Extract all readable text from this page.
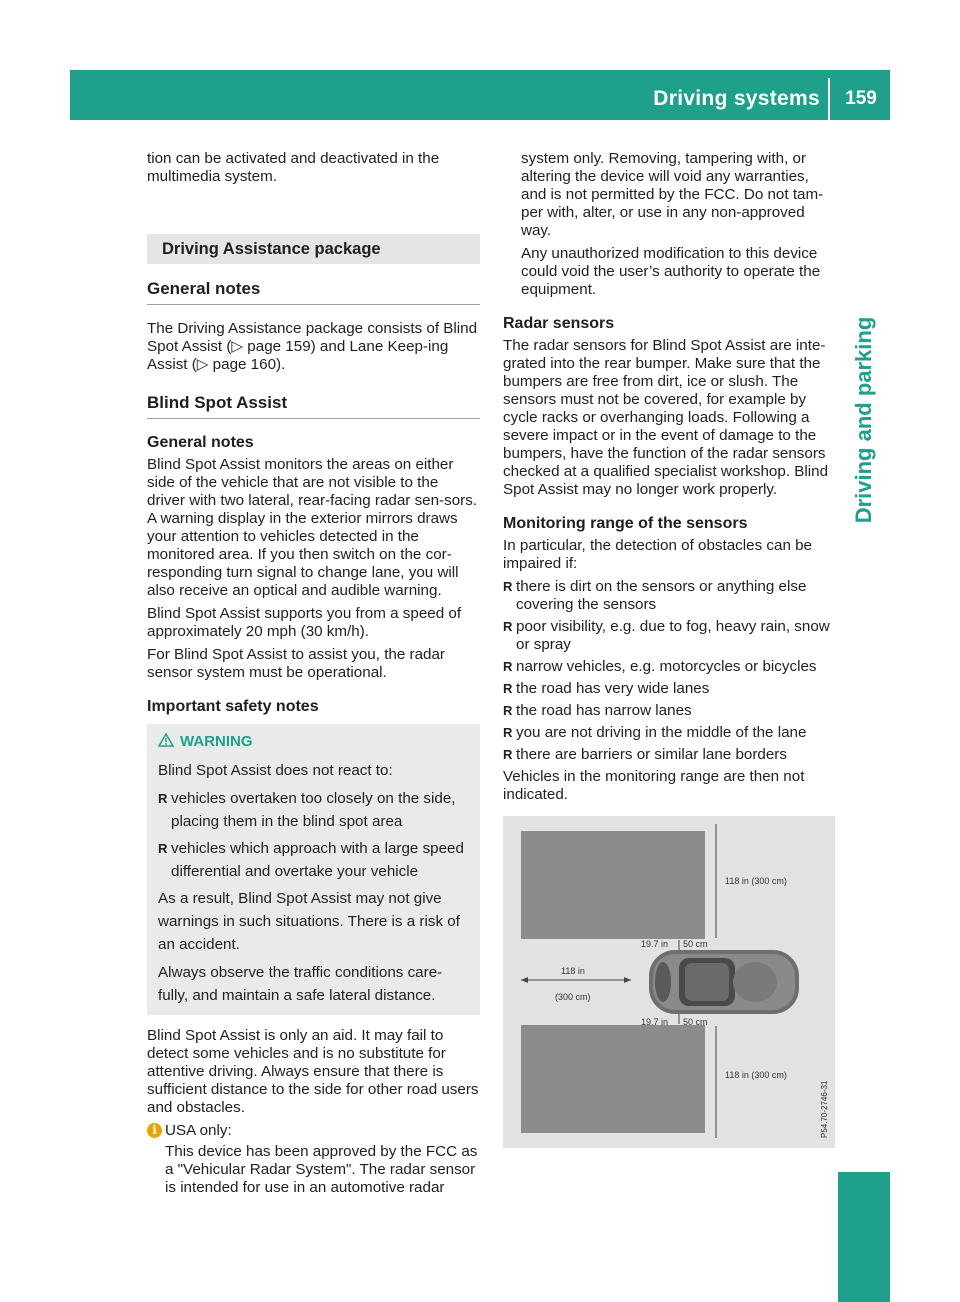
Driving systems	159
Driving and parking

tion can be activated and deactivated in the multimedia system.

Driving Assistance package
General notes

The Driving Assistance package consists of Blind Spot Assist (▷ page 159) and Lane Keep-ing Assist (▷ page 160).

Blind Spot Assist
General notes

Blind Spot Assist monitors the areas on either side of the vehicle that are not visible to the driver with two lateral, rear-facing radar sen-sors. A warning display in the exterior mirrors draws your attention to vehicles detected in the monitored area. If you then switch on the cor-responding turn signal to change lane, you will also receive an optical and audible warning.

Blind Spot Assist supports you from a speed of approximately 20 mph (30 km/h).

For Blind Spot Assist to assist you, the radar sensor system must be operational.

Important safety notes
WARNING

Blind Spot Assist does not react to:

R vehicles overtaken too closely on the side, placing them in the blind spot area
R vehicles which approach with a large speed differential and overtake your vehicle

As a result, Blind Spot Assist may not give warnings in such situations. There is a risk of an accident.

Always observe the traffic conditions care-fully, and maintain a safe lateral distance.

Blind Spot Assist is only an aid. It may fail to detect some vehicles and is no substitute for attentive driving. Always ensure that there is sufficient distance to the side for other road users and obstacles.

i USA only:

This device has been approved by the FCC as a "Vehicular Radar System". The radar sensor is intended for use in an automotive radar

system only. Removing, tampering with, or altering the device will void any warranties, and is not permitted by the FCC. Do not tam-per with, alter, or use in any non-approved way.

Any unauthorized modification to this device could void the user’s authority to operate the equipment.

Radar sensors

The radar sensors for Blind Spot Assist are inte-grated into the rear bumper. Make sure that the bumpers are free from dirt, ice or slush. The sensors must not be covered, for example by cycle racks or overhanging loads. Following a severe impact or in the event of damage to the bumpers, have the function of the radar sensors checked at a qualified specialist workshop. Blind Spot Assist may no longer work properly.

Monitoring range of the sensors

In particular, the detection of obstacles can be impaired if:

R there is dirt on the sensors or anything else covering the sensors
R poor visibility, e.g. due to fog, heavy rain, snow or spray
R narrow vehicles, e.g. motorcycles or bicycles
R the road has very wide lanes
R the road has narrow lanes
R you are not driving in the middle of the lane
R there are barriers or similar lane borders

Vehicles in the monitoring range are then not indicated.

118 in (300 cm)
118 in (300 cm)
19.7 in 50 cm
19.7 in 50 cm
118 in
(300 cm)
P54.70-2746-31
